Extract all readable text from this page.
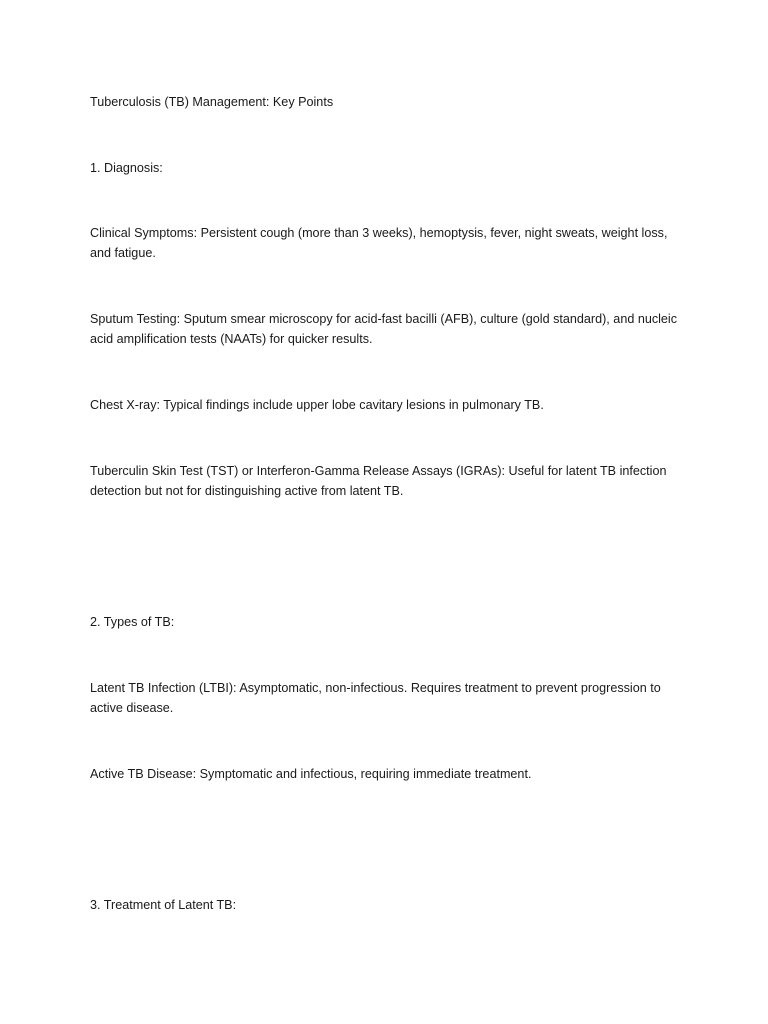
Tuberculosis (TB) Management: Key Points

1. Diagnosis:

Clinical Symptoms: Persistent cough (more than 3 weeks), hemoptysis, fever, night sweats, weight loss, and fatigue.

Sputum Testing: Sputum smear microscopy for acid-fast bacilli (AFB), culture (gold standard), and nucleic acid amplification tests (NAATs) for quicker results.

Chest X-ray: Typical findings include upper lobe cavitary lesions in pulmonary TB.

Tuberculin Skin Test (TST) or Interferon-Gamma Release Assays (IGRAs): Useful for latent TB infection detection but not for distinguishing active from latent TB.

2. Types of TB:

Latent TB Infection (LTBI): Asymptomatic, non-infectious. Requires treatment to prevent progression to active disease.

Active TB Disease: Symptomatic and infectious, requiring immediate treatment.

3. Treatment of Latent TB:
